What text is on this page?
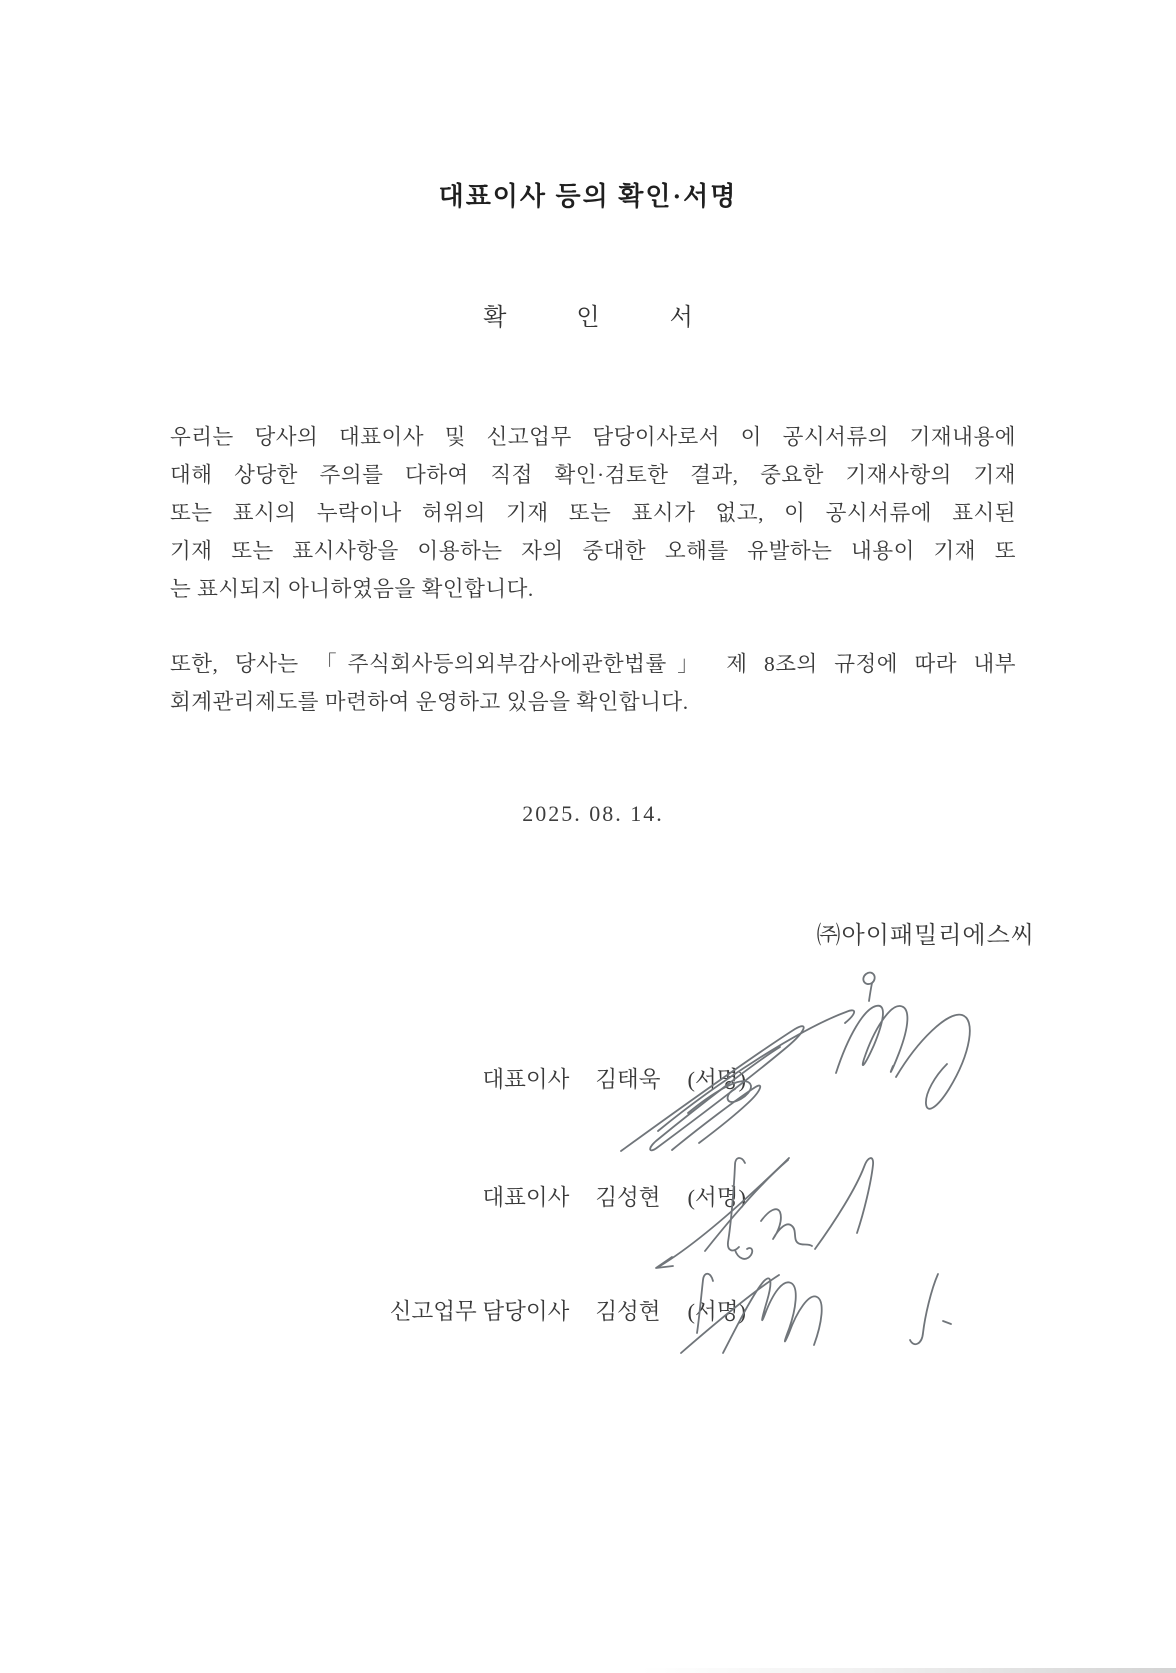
대표이사 등의 확인·서명
확 인 서
우리는 당사의 대표이사 및 신고업무 담당이사로서 이 공시서류의 기재내용에
대해 상당한 주의를 다하여 직접 확인·검토한 결과, 중요한 기재사항의 기재
또는 표시의 누락이나 허위의 기재 또는 표시가 없고, 이 공시서류에 표시된
기재 또는 표시사항을 이용하는 자의 중대한 오해를 유발하는 내용이 기재 또
는 표시되지 아니하였음을 확인합니다.
또한, 당사는 「주식회사등의외부감사에관한법률」 제 8조의 규정에 따라 내부
회계관리제도를 마련하여 운영하고 있음을 확인합니다.
2025. 08. 14.
㈜아이패밀리에스씨
대표이사 김태욱 (서명)
대표이사 김성현 (서명)
신고업무 담당이사 김성현 (서명)
